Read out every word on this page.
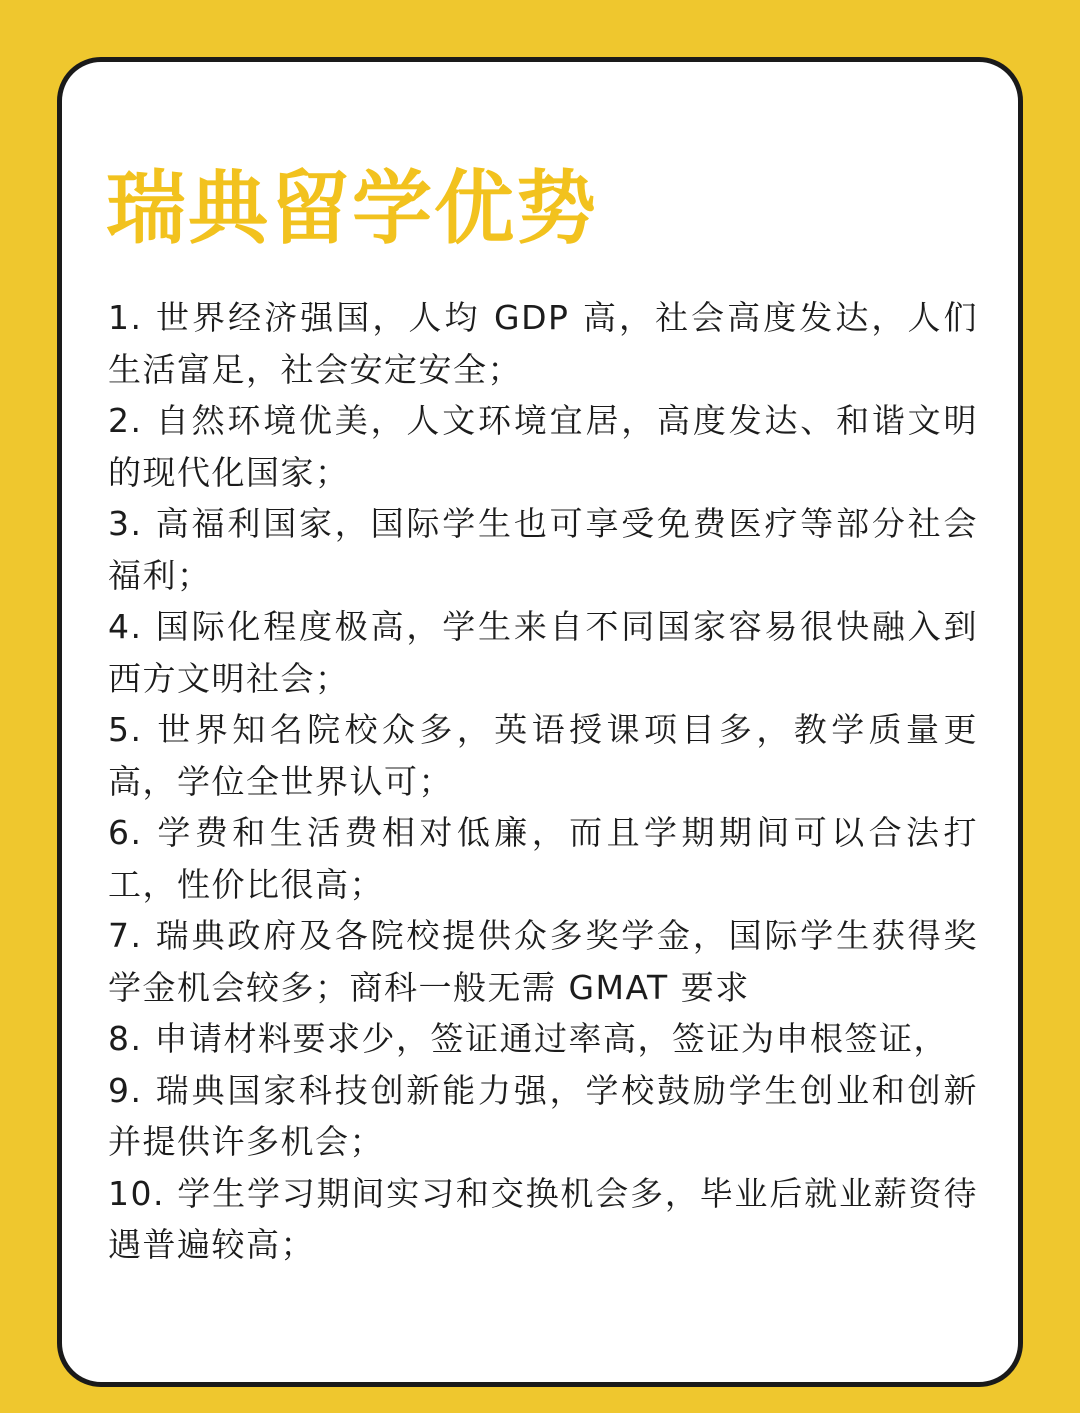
瑞典留学优势
1. 世界经济强国，人均 GDP 高，社会高度发达，人们生活富足，社会安定安全；
2. 自然环境优美，人文环境宜居，高度发达、和谐文明的现代化国家；
3. 高福利国家，国际学生也可享受免费医疗等部分社会福利；
4. 国际化程度极高，学生来自不同国家容易很快融入到西方文明社会；
5. 世界知名院校众多，英语授课项目多，教学质量更高，学位全世界认可；
6. 学费和生活费相对低廉，而且学期期间可以合法打工，性价比很高；
7. 瑞典政府及各院校提供众多奖学金，国际学生获得奖学金机会较多；商科一般无需 GMAT 要求
8. 申请材料要求少，签证通过率高，签证为申根签证，
9. 瑞典国家科技创新能力强，学校鼓励学生创业和创新并提供许多机会；
10. 学生学习期间实习和交换机会多，毕业后就业薪资待遇普遍较高；
